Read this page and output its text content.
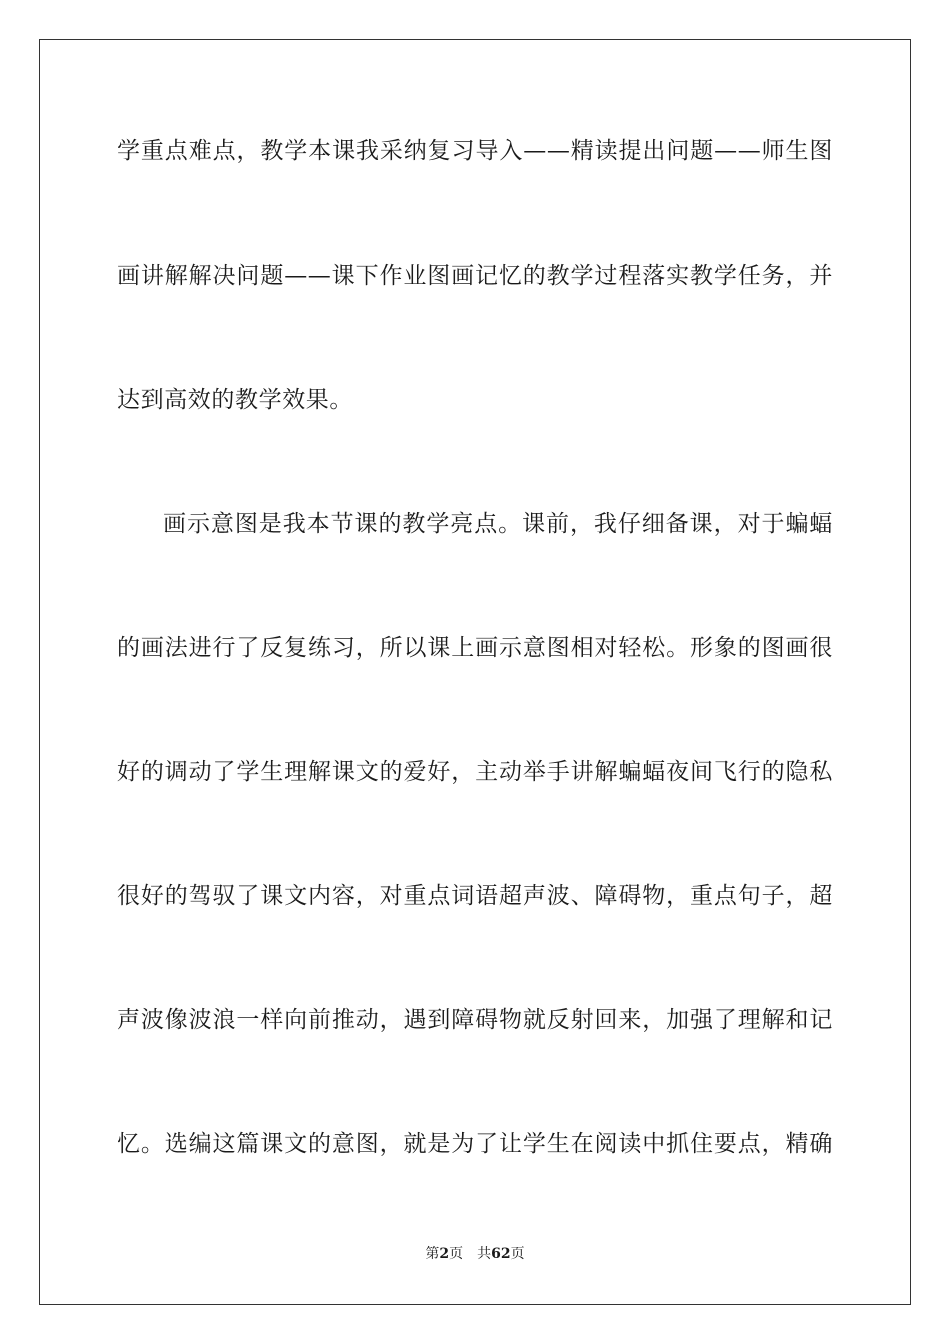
学重点难点，教学本课我采纳复习导入——精读提出问题——师生图
画讲解解决问题——课下作业图画记忆的教学过程落实教学任务，并
达到高效的教学效果。
画示意图是我本节课的教学亮点。课前，我仔细备课，对于蝙蝠
的画法进行了反复练习，所以课上画示意图相对轻松。形象的图画很
好的调动了学生理解课文的爱好，主动举手讲解蝙蝠夜间飞行的隐私
很好的驾驭了课文内容，对重点词语超声波、障碍物，重点句子，超
声波像波浪一样向前推动，遇到障碍物就反射回来，加强了理解和记
忆。选编这篇课文的意图，就是为了让学生在阅读中抓住要点，精确
第2页 共62页
